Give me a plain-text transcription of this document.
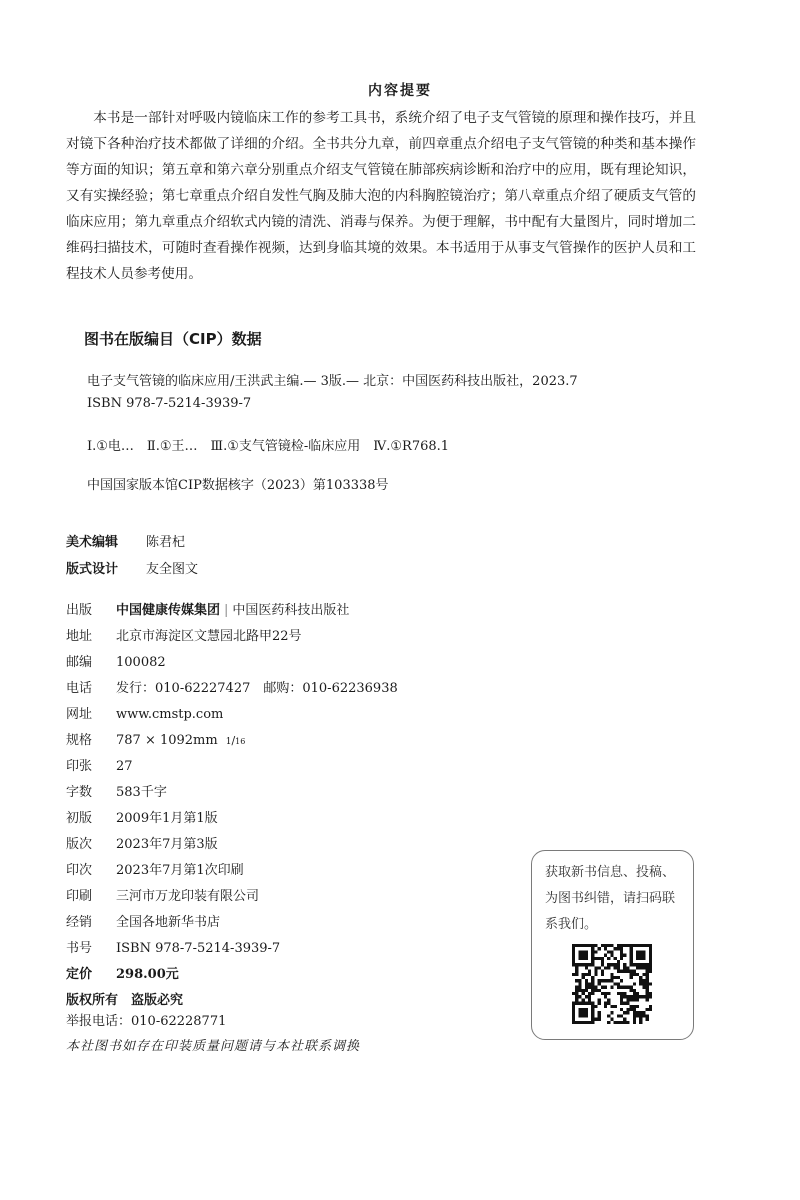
内容提要
本书是一部针对呼吸内镜临床工作的参考工具书，系统介绍了电子支气管镜的原理和操作技巧，并且对镜下各种治疗技术都做了详细的介绍。全书共分九章，前四章重点介绍电子支气管镜的种类和基本操作等方面的知识；第五章和第六章分别重点介绍支气管镜在肺部疾病诊断和治疗中的应用，既有理论知识，又有实操经验；第七章重点介绍自发性气胸及肺大泡的内科胸腔镜治疗；第八章重点介绍了硬质支气管的临床应用；第九章重点介绍软式内镜的清洗、消毒与保养。为便于理解，书中配有大量图片，同时增加二维码扫描技术，可随时查看操作视频，达到身临其境的效果。本书适用于从事支气管操作的医护人员和工程技术人员参考使用。
图书在版编目（CIP）数据
电子支气管镜的临床应用/王洪武主编.— 3版.— 北京：中国医药科技出版社，2023.7
ISBN 978-7-5214-3939-7
Ⅰ.①电…　Ⅱ.①王…　Ⅲ.①支气管镜检-临床应用　Ⅳ.①R768.1
中国国家版本馆CIP数据核字（2023）第103338号
美术编辑	陈君杞
版式设计	友全图文
出版	中国健康传媒集团 | 中国医药科技出版社
地址	北京市海淀区文慧园北路甲22号
邮编	100082
电话	发行：010-62227427　邮购：010-62236938
网址	www.cmstp.com
规格	787 × 1092mm 1 / 16
印张	27
字数	583千字
初版	2009年1月第1版
版次	2023年7月第3版
印次	2023年7月第1次印刷
印刷	三河市万龙印装有限公司
经销	全国各地新华书店
书号	ISBN 978-7-5214-3939-7
定价	298.00元
版权所有　盗版必究
举报电话：010-62228771
获取新书信息、投稿、为图书纠错，请扫码联系我们。
本社图书如存在印装质量问题请与本社联系调换
